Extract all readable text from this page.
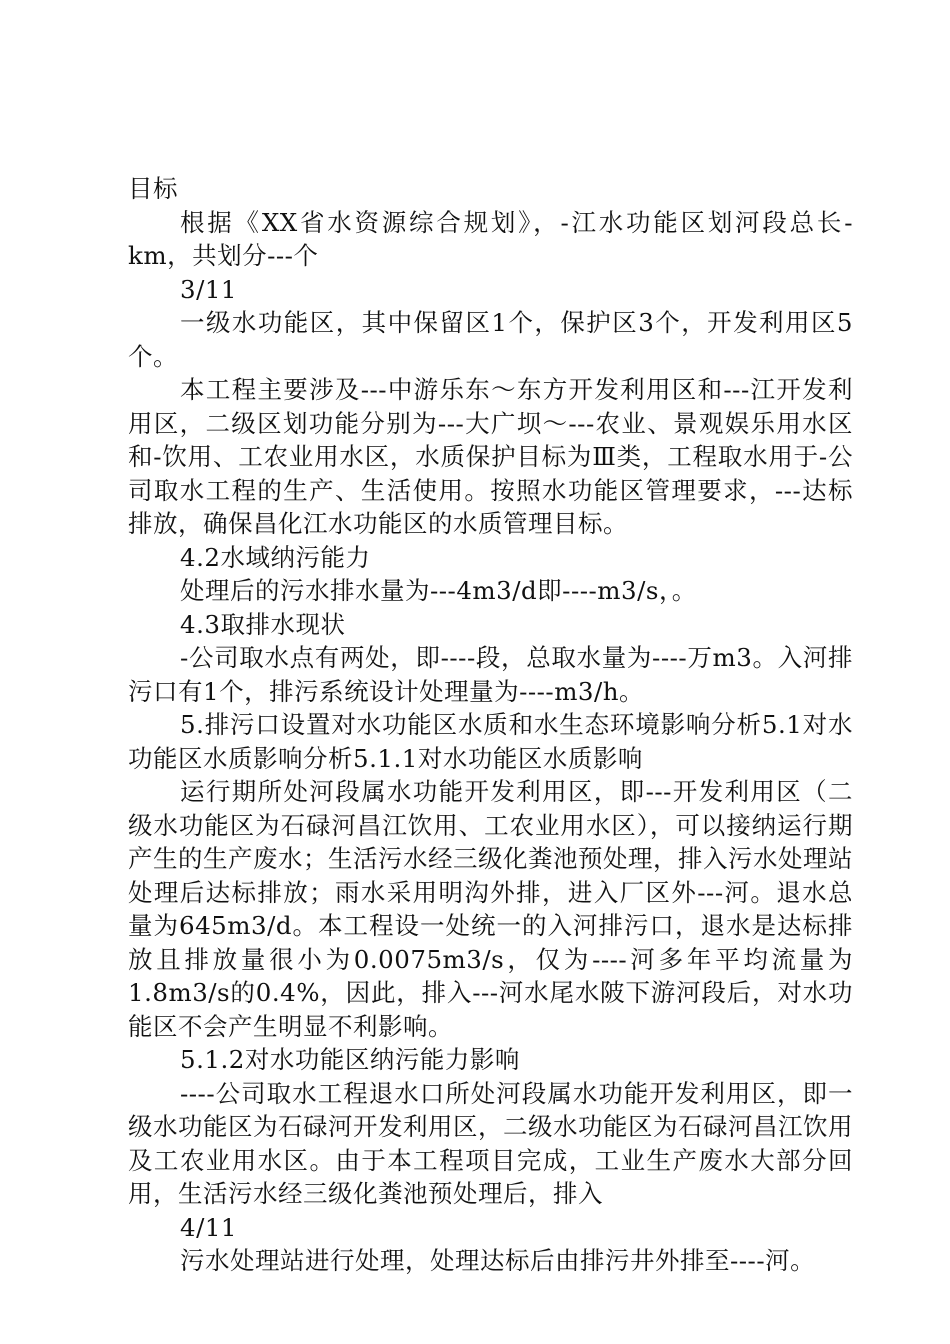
目标

根据《XX省水资源综合规划》，-江水功能区划河段总长-km，共划分---个

3/11

一级水功能区，其中保留区1个，保护区3个，开发利用区5个。

本工程主要涉及---中游乐东～东方开发利用区和---江开发利用区，二级区划功能分别为---大广坝～---农业、景观娱乐用水区和-饮用、工农业用水区，水质保护目标为Ⅲ类，工程取水用于-公司取水工程的生产、生活使用。按照水功能区管理要求，---达标排放，确保昌化江水功能区的水质管理目标。

4.2水域纳污能力

处理后的污水排水量为---4m3/d即----m3/s，。

4.3取排水现状

-公司取水点有两处，即----段，总取水量为----万m3。入河排污口有1个，排污系统设计处理量为----m3/h。

5.排污口设置对水功能区水质和水生态环境影响分析5.1对水功能区水质影响分析5.1.1对水功能区水质影响

运行期所处河段属水功能开发利用区，即---开发利用区（二级水功能区为石碌河昌江饮用、工农业用水区），可以接纳运行期产生的生产废水；生活污水经三级化粪池预处理，排入污水处理站处理后达标排放；雨水采用明沟外排，进入厂区外---河。退水总量为645m3/d。本工程设一处统一的入河排污口，退水是达标排放且排放量很小为0.0075m3/s，仅为----河多年平均流量为1.8m3/s的0.4%，因此，排入---河水尾水陂下游河段后，对水功能区不会产生明显不利影响。

5.1.2对水功能区纳污能力影响

----公司取水工程退水口所处河段属水功能开发利用区，即一级水功能区为石碌河开发利用区，二级水功能区为石碌河昌江饮用及工农业用水区。由于本工程项目完成，工业生产废水大部分回用，生活污水经三级化粪池预处理后，排入

4/11

污水处理站进行处理，处理达标后由排污井外排至----河。
